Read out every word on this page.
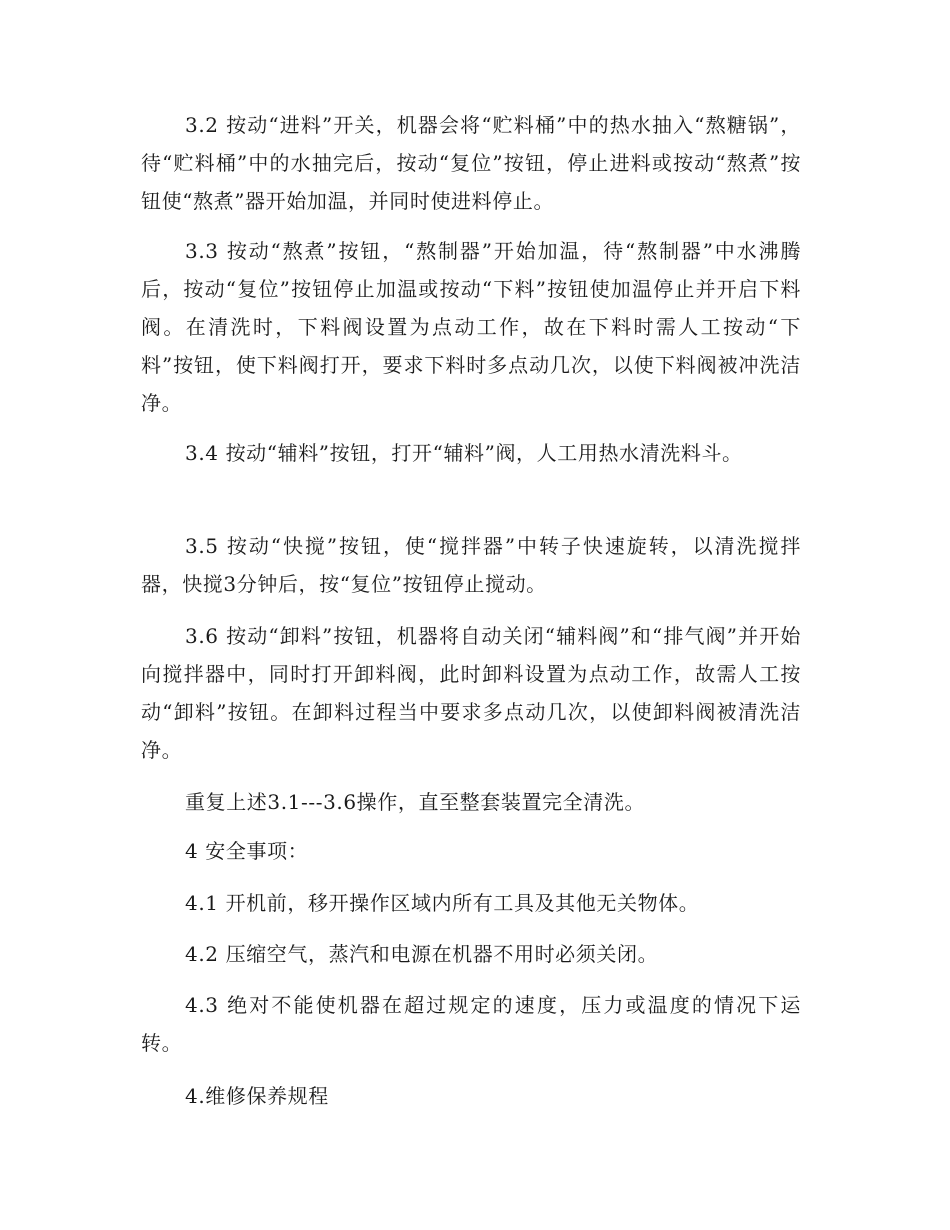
3.2 按动“进料”开关，机器会将“贮料桶”中的热水抽入“熬糖锅”，待“贮料桶”中的水抽完后，按动“复位”按钮，停止进料或按动“熬煮”按钮使“熬煮”器开始加温，并同时使进料停止。

3.3 按动“熬煮”按钮，“熬制器”开始加温，待“熬制器”中水沸腾后，按动“复位”按钮停止加温或按动“下料”按钮使加温停止并开启下料阀。在清洗时，下料阀设置为点动工作，故在下料时需人工按动“下料”按钮，使下料阀打开，要求下料时多点动几次，以使下料阀被冲洗洁净。

3.4 按动“辅料”按钮，打开“辅料”阀，人工用热水清洗料斗。

3.5 按动“快搅”按钮，使“搅拌器”中转子快速旋转，以清洗搅拌器，快搅3分钟后，按“复位”按钮停止搅动。

3.6 按动“卸料”按钮，机器将自动关闭“辅料阀”和“排气阀”并开始向搅拌器中，同时打开卸料阀，此时卸料设置为点动工作，故需人工按动“卸料”按钮。在卸料过程当中要求多点动几次，以使卸料阀被清洗洁净。

重复上述3.1---3.6操作，直至整套装置完全清洗。

4 安全事项：

4.1 开机前，移开操作区域内所有工具及其他无关物体。

4.2 压缩空气，蒸汽和电源在机器不用时必须关闭。

4.3 绝对不能使机器在超过规定的速度，压力或温度的情况下运转。

4.维修保养规程
